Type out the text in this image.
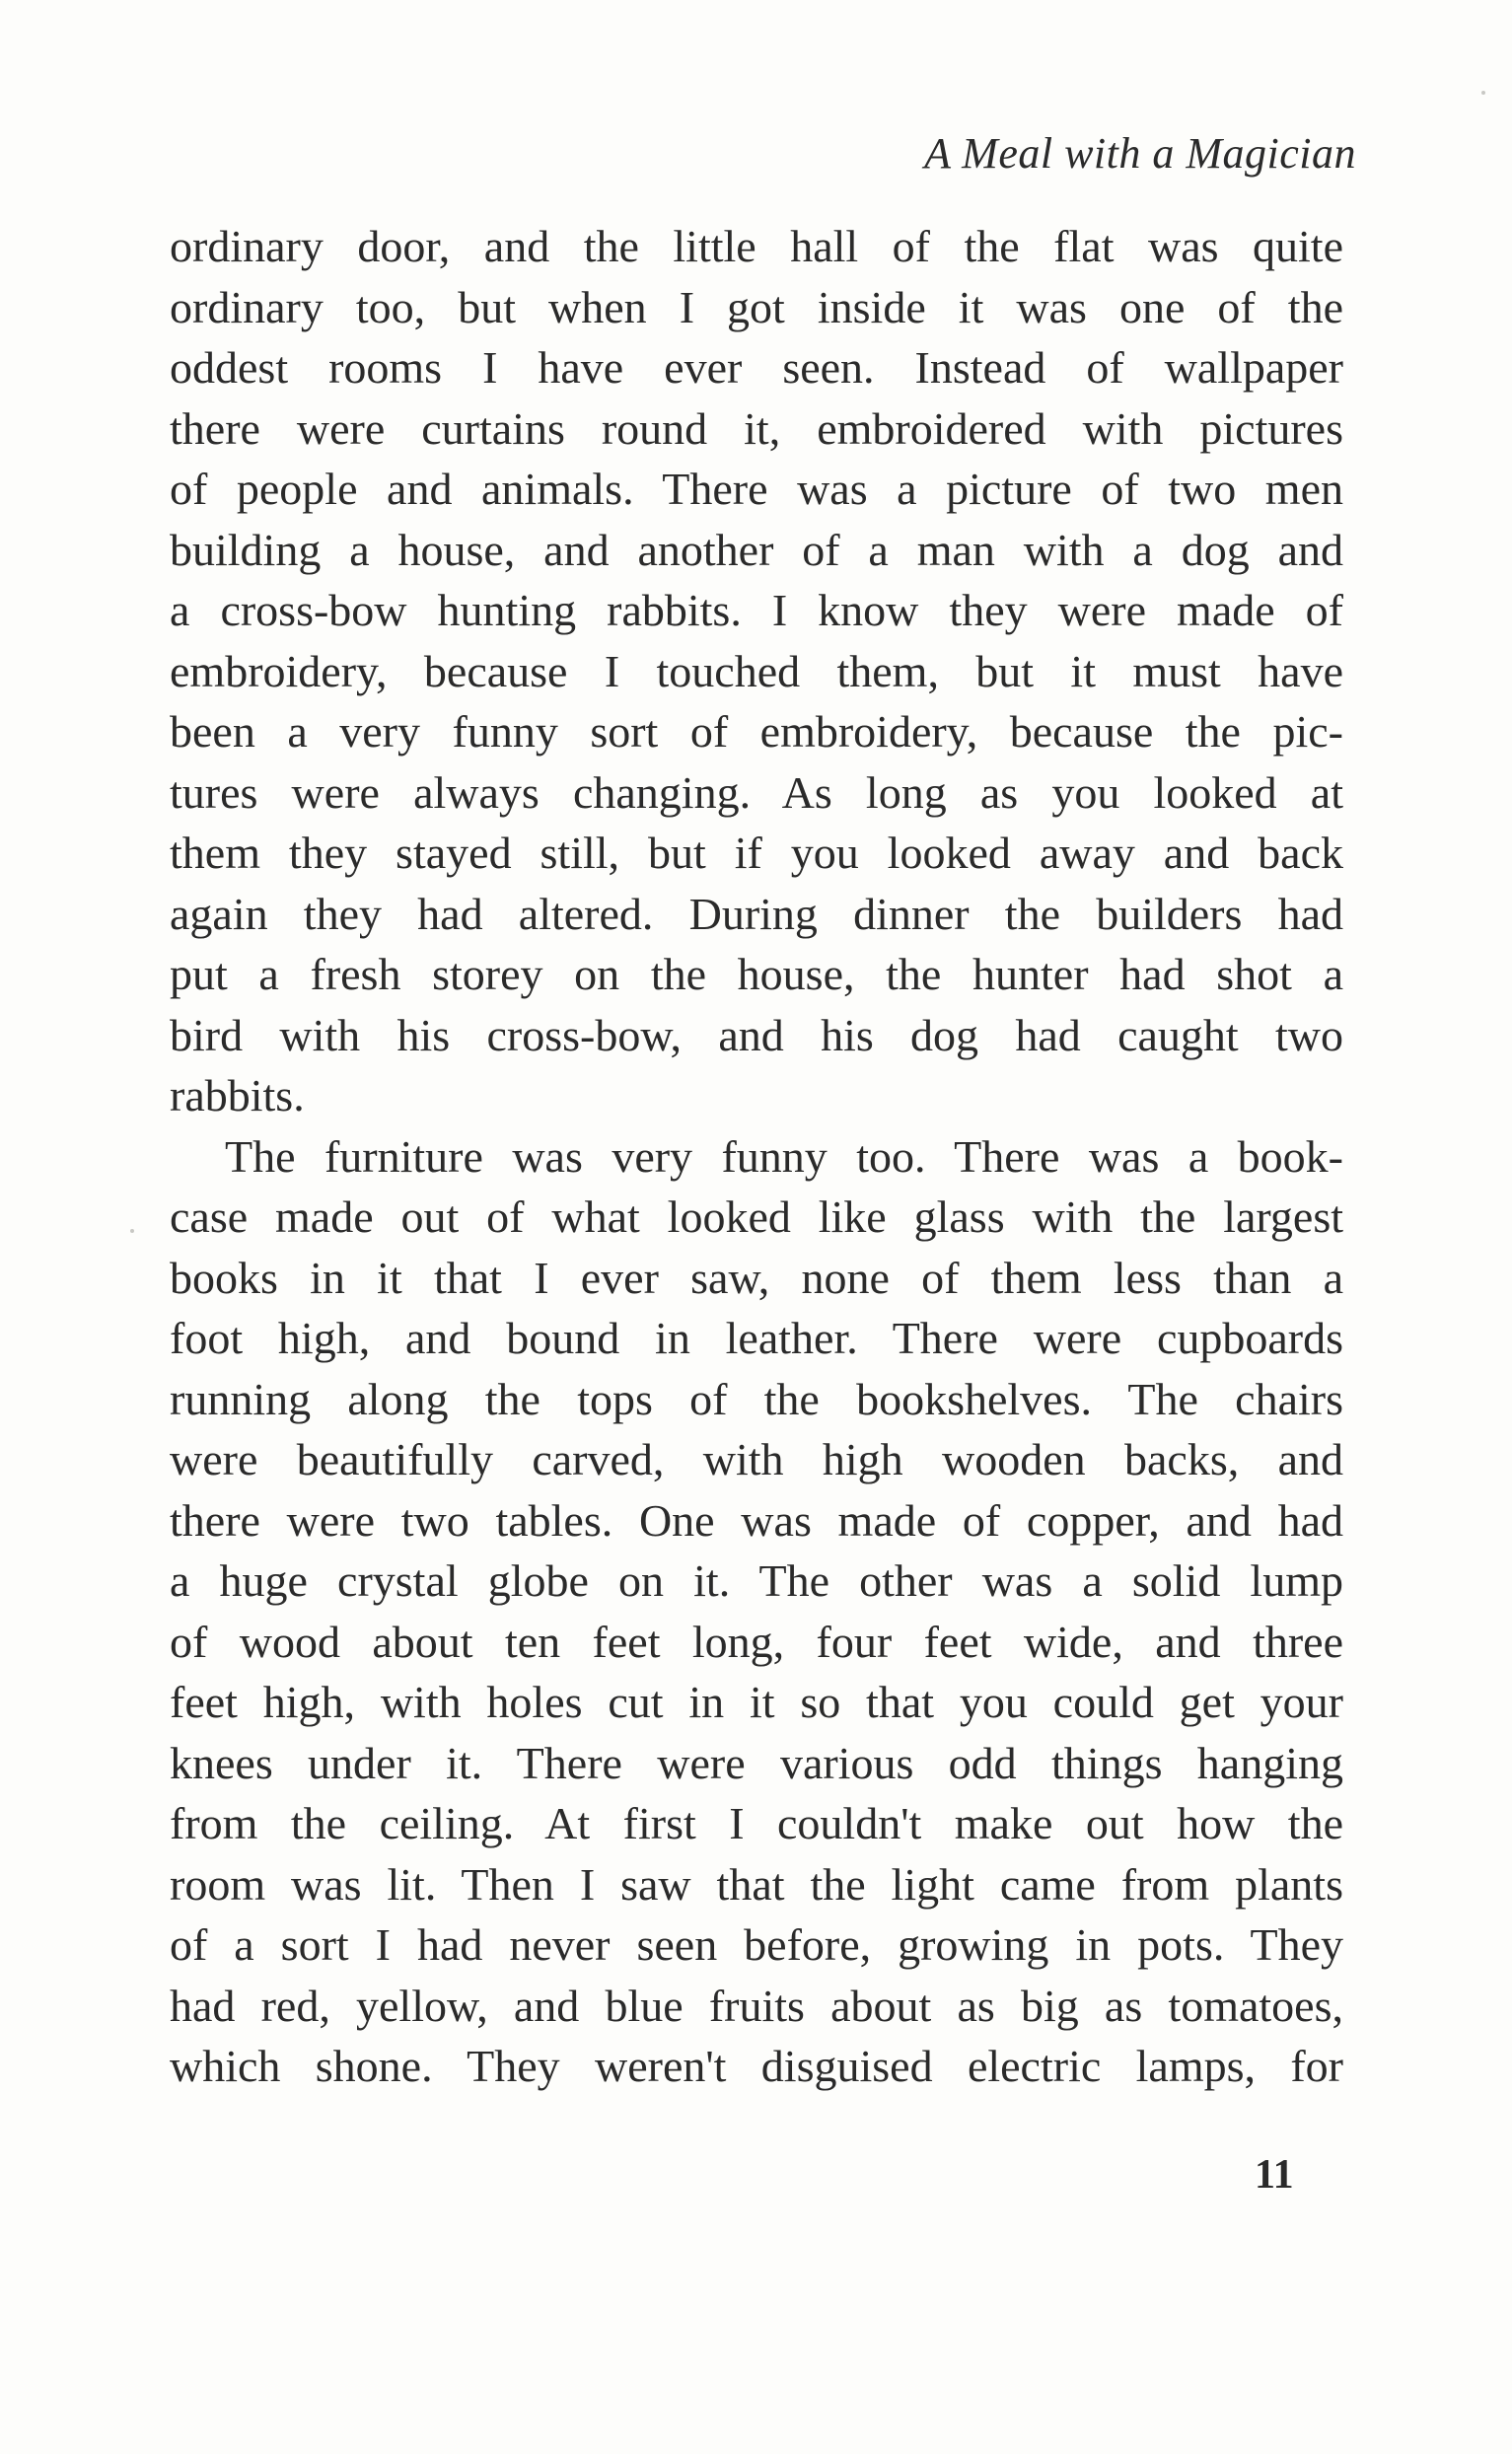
A Meal with a Magician
ordinary door, and the little hall of the flat was quite
ordinary too, but when I got inside it was one of the
oddest rooms I have ever seen. Instead of wallpaper
there were curtains round it, embroidered with pictures
of people and animals. There was a picture of two men
building a house, and another of a man with a dog and
a cross-bow hunting rabbits. I know they were made of
embroidery, because I touched them, but it must have
been a very funny sort of embroidery, because the pic-
tures were always changing. As long as you looked at
them they stayed still, but if you looked away and back
again they had altered. During dinner the builders had
put a fresh storey on the house, the hunter had shot a
bird with his cross-bow, and his dog had caught two
rabbits.
The furniture was very funny too. There was a book-
case made out of what looked like glass with the largest
books in it that I ever saw, none of them less than a
foot high, and bound in leather. There were cupboards
running along the tops of the bookshelves. The chairs
were beautifully carved, with high wooden backs, and
there were two tables. One was made of copper, and had
a huge crystal globe on it. The other was a solid lump
of wood about ten feet long, four feet wide, and three
feet high, with holes cut in it so that you could get your
knees under it. There were various odd things hanging
from the ceiling. At first I couldn't make out how the
room was lit. Then I saw that the light came from plants
of a sort I had never seen before, growing in pots. They
had red, yellow, and blue fruits about as big as tomatoes,
which shone. They weren't disguised electric lamps, for
11
